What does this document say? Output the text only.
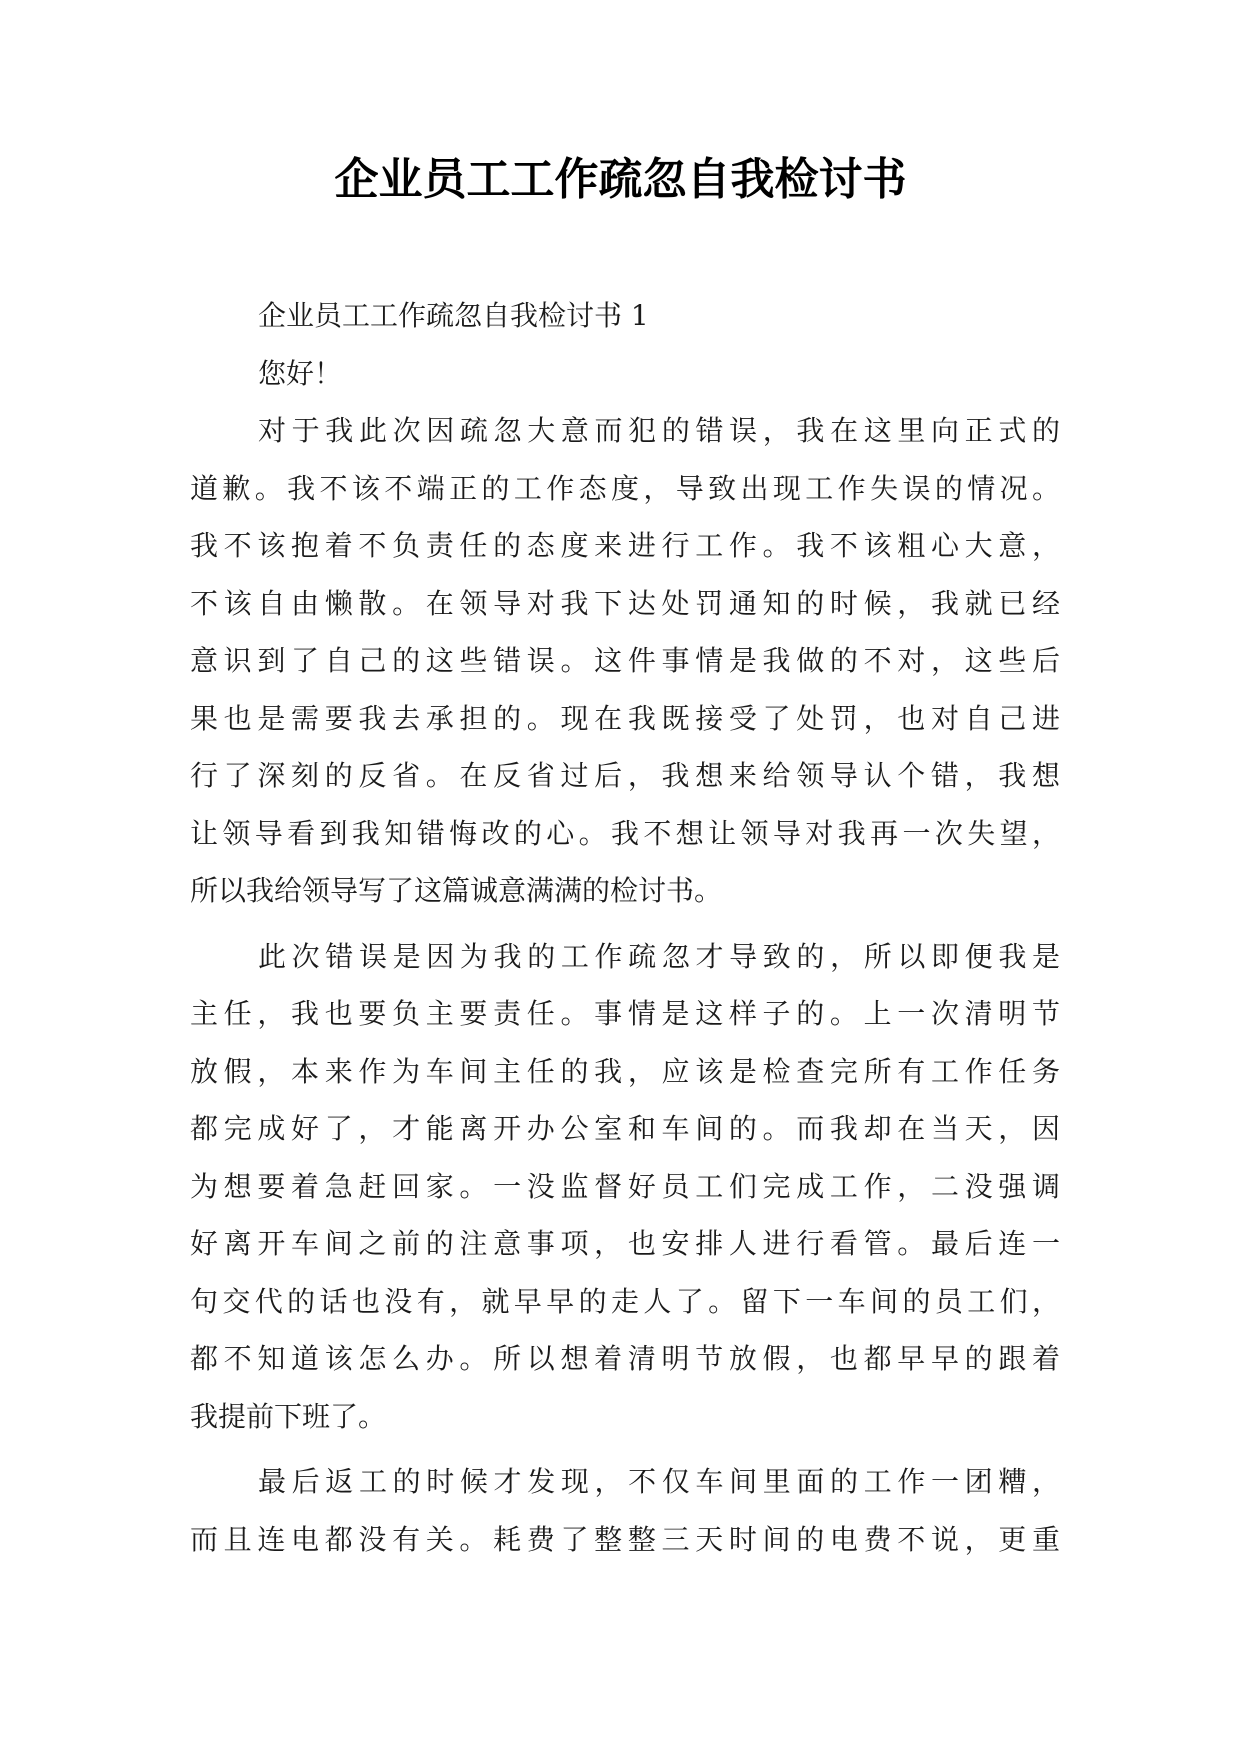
企业员工工作疏忽自我检讨书
企业员工工作疏忽自我检讨书 1
您好！
对于我此次因疏忽大意而犯的错误，我在这里向正式的
道歉。我不该不端正的工作态度，导致出现工作失误的情况。
我不该抱着不负责任的态度来进行工作。我不该粗心大意，
不该自由懒散。在领导对我下达处罚通知的时候，我就已经
意识到了自己的这些错误。这件事情是我做的不对，这些后
果也是需要我去承担的。现在我既接受了处罚，也对自己进
行了深刻的反省。在反省过后，我想来给领导认个错，我想
让领导看到我知错悔改的心。我不想让领导对我再一次失望，
所以我给领导写了这篇诚意满满的检讨书。
此次错误是因为我的工作疏忽才导致的，所以即便我是
主任，我也要负主要责任。事情是这样子的。上一次清明节
放假，本来作为车间主任的我，应该是检查完所有工作任务
都完成好了，才能离开办公室和车间的。而我却在当天，因
为想要着急赶回家。一没监督好员工们完成工作，二没强调
好离开车间之前的注意事项，也安排人进行看管。最后连一
句交代的话也没有，就早早的走人了。留下一车间的员工们，
都不知道该怎么办。所以想着清明节放假，也都早早的跟着
我提前下班了。
最后返工的时候才发现，不仅车间里面的工作一团糟，
而且连电都没有关。耗费了整整三天时间的电费不说，更重
